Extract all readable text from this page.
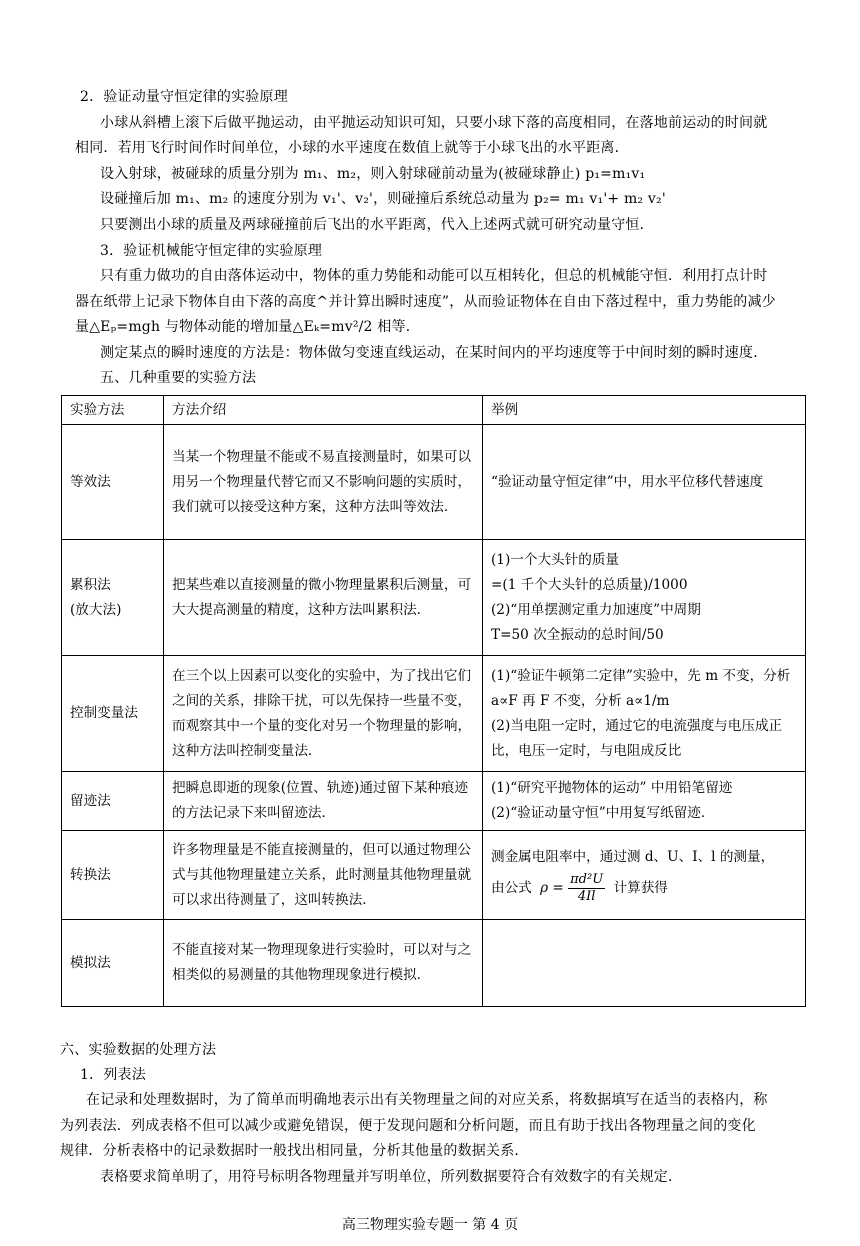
2．验证动量守恒定律的实验原理
小球从斜槽上滚下后做平抛运动，由平抛运动知识可知，只要小球下落的高度相同，在落地前运动的时间就
相同．若用飞行时间作时间单位，小球的水平速度在数值上就等于小球飞出的水平距离．
设入射球，被碰球的质量分别为 m₁、m₂，则入射球碰前动量为(被碰球静止) p₁=m₁v₁
设碰撞后加 m₁、m₂ 的速度分别为 v₁'、v₂'，则碰撞后系统总动量为 p₂= m₁ v₁'+ m₂ v₂'
只要测出小球的质量及两球碰撞前后飞出的水平距离，代入上述两式就可研究动量守恒．
3．验证机械能守恒定律的实验原理
只有重力做功的自由落体运动中，物体的重力势能和动能可以互相转化，但总的机械能守恒．利用打点计时
器在纸带上记录下物体自由下落的高度^并计算出瞬时速度”，从而验证物体在自由下落过程中，重力势能的减少
量△Eₚ=mgh 与物体动能的增加量△Eₖ=mv²/2 相等．
测定某点的瞬时速度的方法是：物体做匀变速直线运动，在某时间内的平均速度等于中间时刻的瞬时速度．
五、几种重要的实验方法
实验方法	方法介绍	举例
等效法	当某一个物理量不能或不易直接测量时，如果可以用另一个物理量代替它而又不影响问题的实质时，我们就可以接受这种方案，这种方法叫等效法．	“验证动量守恒定律”中，用水平位移代替速度
累积法
(放大法)	把某些难以直接测量的微小物理量累积后测量，可大大提高测量的精度，这种方法叫累积法．	(1)一个大头针的质量
=(1 千个大头针的总质量)/1000
(2)“用单摆测定重力加速度”中周期
T=50 次全振动的总时间/50
控制变量法	在三个以上因素可以变化的实验中，为了找出它们之间的关系，排除干扰，可以先保持一些量不变，而观察其中一个量的变化对另一个物理量的影响，这种方法叫控制变量法．	(1)“验证牛顿第二定律”实验中，先 m 不变，分析 a∝F 再 F 不变，分析 a∝1/m
(2)当电阻一定时，通过它的电流强度与电压成正比，电压一定时，与电阻成反比
留迹法	把瞬息即逝的现象(位置、轨迹)通过留下某种痕迹的方法记录下来叫留迹法．	(1)“研究平抛物体的运动” 中用铅笔留迹
(2)“验证动量守恒”中用复写纸留迹．
转换法	许多物理量是不能直接测量的，但可以通过物理公式与其他物理量建立关系，此时测量其他物理量就可以求出待测量了，这叫转换法．	测金属电阻率中，通过测 d、U、I、l 的测量，
由公式 $\rho = \frac{\text{πd²U}}{4Il}$ 计算获得

模拟法	不能直接对某一物理现象进行实验时，可以对与之相类似的易测量的其他物理现象进行模拟．	
六、实验数据的处理方法
1．列表法
在记录和处理数据时，为了简单而明确地表示出有关物理量之间的对应关系，将数据填写在适当的表格内，称
为列表法．列成表格不但可以减少或避免错误，便于发现问题和分析问题，而且有助于找出各物理量之间的变化
规律．分析表格中的记录数据时一般找出相同量，分析其他量的数据关系．
表格要求简单明了，用符号标明各物理量并写明单位，所列数据要符合有效数字的有关规定．
高三物理实验专题一 第 4 页
